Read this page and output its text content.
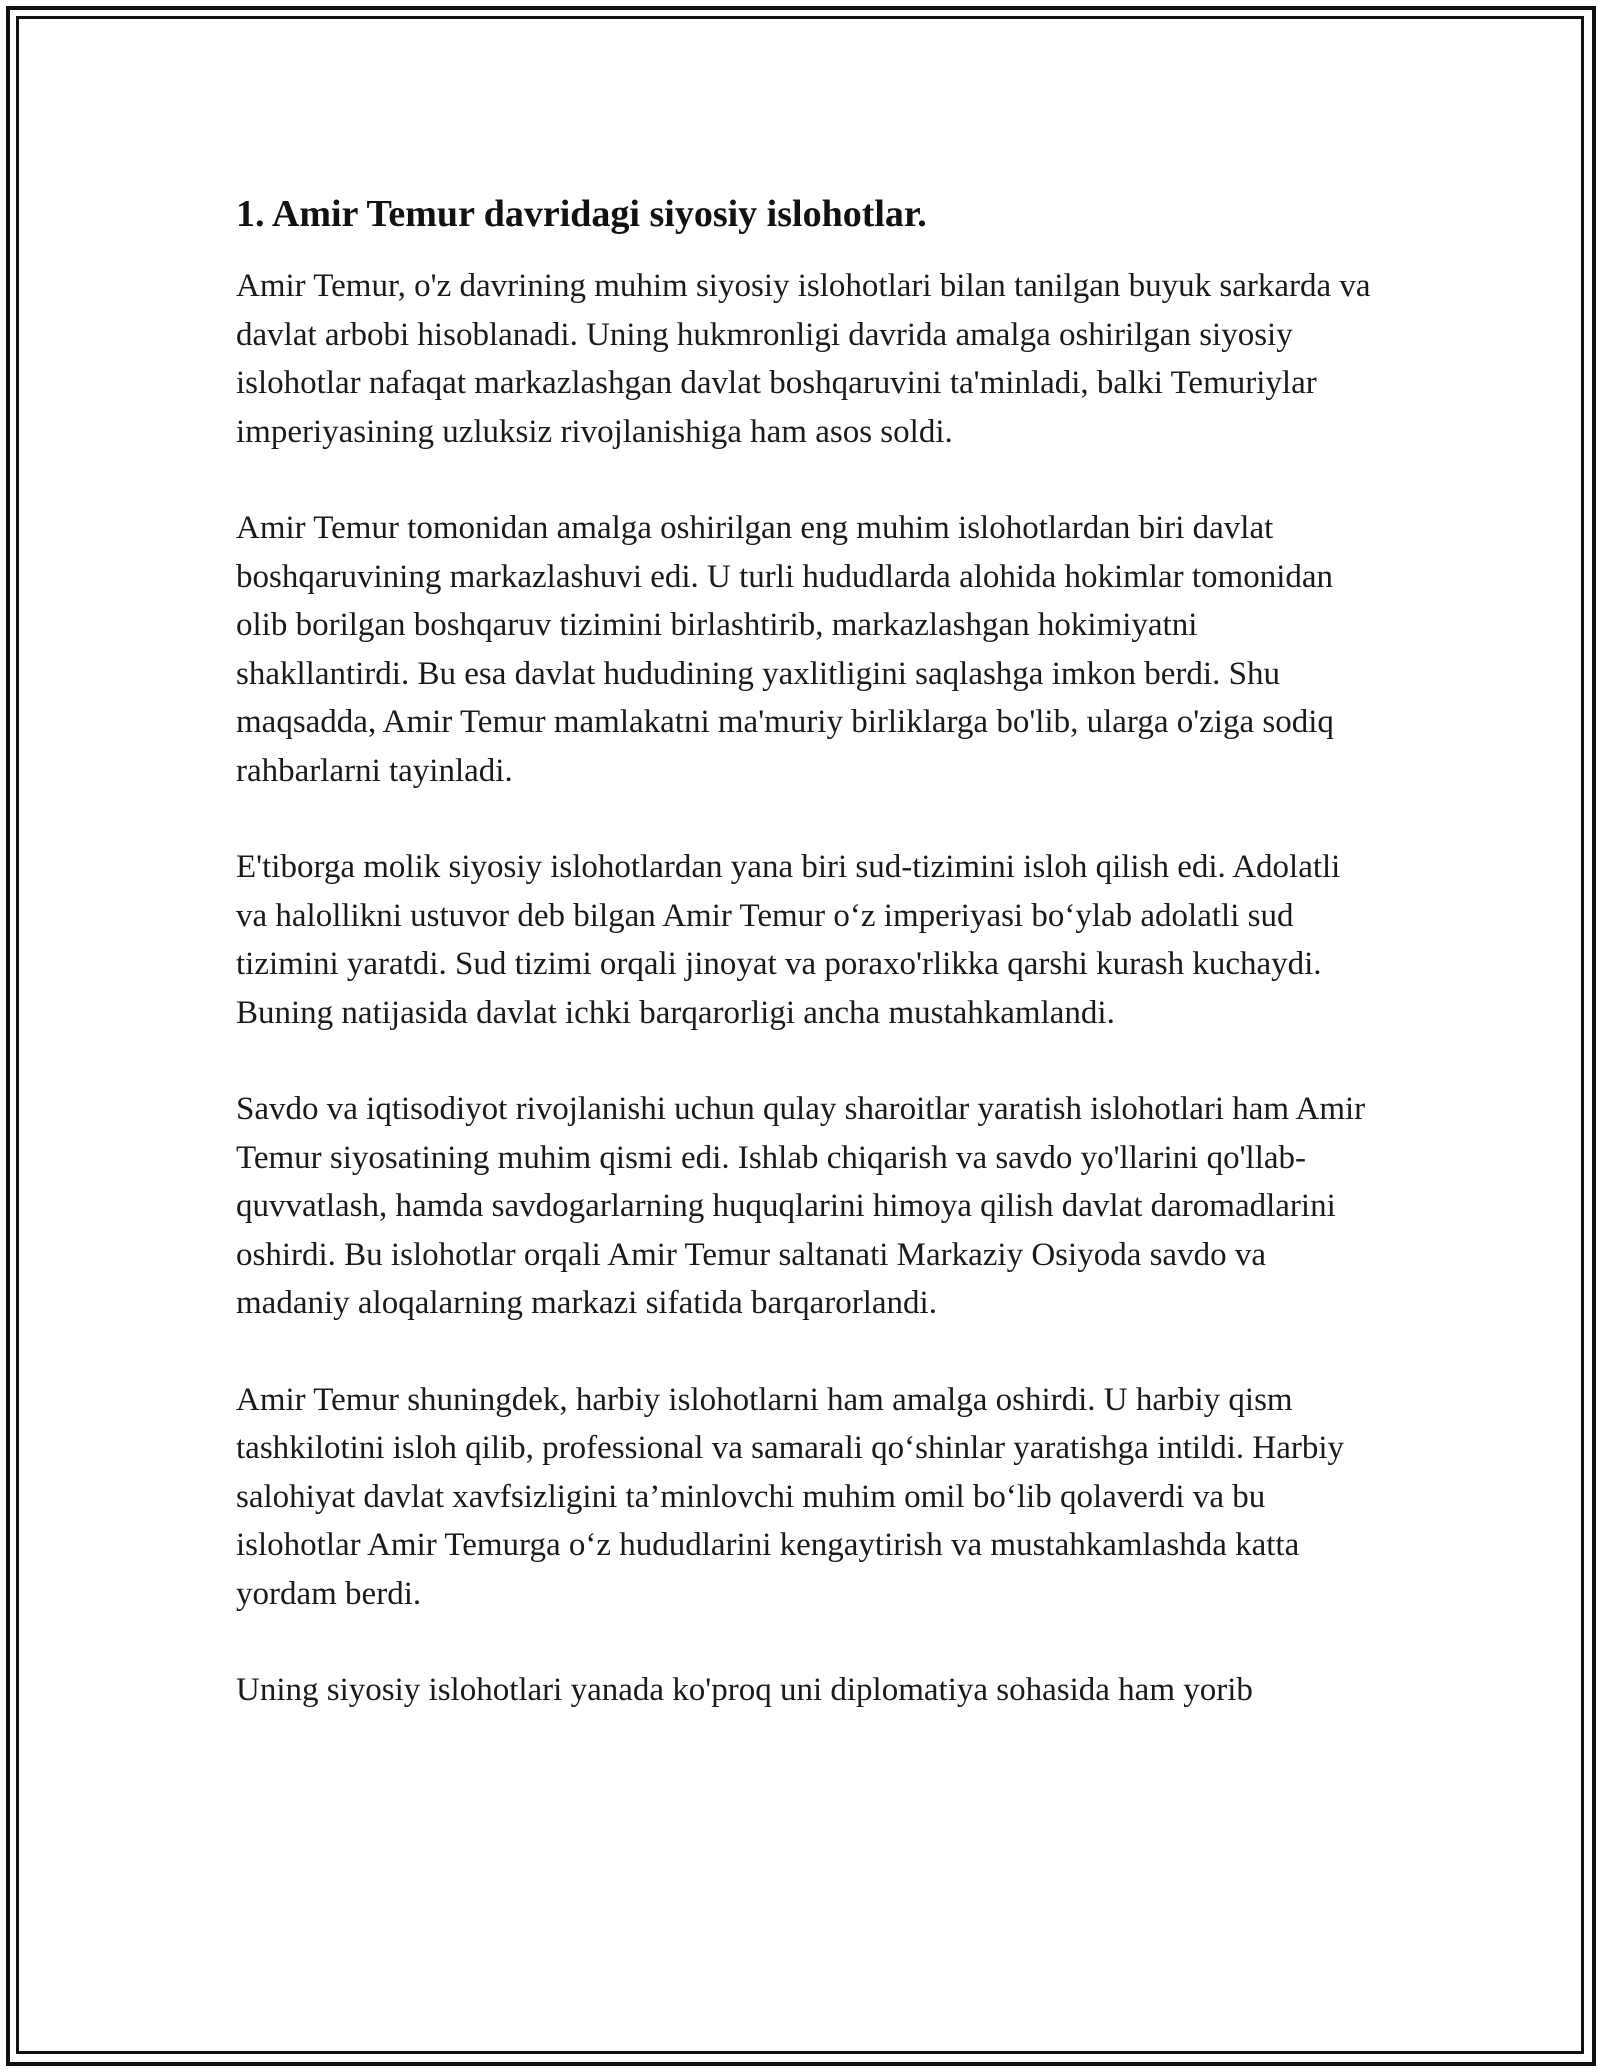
1. Amir Temur davridagi siyosiy islohotlar.

Amir Temur, o'z davrining muhim siyosiy islohotlari bilan tanilgan buyuk sarkarda va davlat arbobi hisoblanadi. Uning hukmronligi davrida amalga oshirilgan siyosiy islohotlar nafaqat markazlashgan davlat boshqaruvini ta'minladi, balki Temuriylar imperiyasining uzluksiz rivojlanishiga ham asos soldi.

Amir Temur tomonidan amalga oshirilgan eng muhim islohotlardan biri davlat boshqaruvining markazlashuvi edi. U turli hududlarda alohida hokimlar tomonidan olib borilgan boshqaruv tizimini birlashtirib, markazlashgan hokimiyatni shakllantirdi. Bu esa davlat hududining yaxlitligini saqlashga imkon berdi. Shu maqsadda, Amir Temur mamlakatni ma'muriy birliklarga bo'lib, ularga o'ziga sodiq rahbarlarni tayinladi.

E'tiborga molik siyosiy islohotlardan yana biri sud-tizimini isloh qilish edi. Adolatli va halollikni ustuvor deb bilgan Amir Temur o‘z imperiyasi bo‘ylab adolatli sud tizimini yaratdi. Sud tizimi orqali jinoyat va poraxo'rlikka qarshi kurash kuchaydi. Buning natijasida davlat ichki barqarorligi ancha mustahkamlandi.

Savdo va iqtisodiyot rivojlanishi uchun qulay sharoitlar yaratish islohotlari ham Amir Temur siyosatining muhim qismi edi. Ishlab chiqarish va savdo yo'llarini qo'llab-quvvatlash, hamda savdogarlarning huquqlarini himoya qilish davlat daromadlarini oshirdi. Bu islohotlar orqali Amir Temur saltanati Markaziy Osiyoda savdo va madaniy aloqalarning markazi sifatida barqarorlandi.

Amir Temur shuningdek, harbiy islohotlarni ham amalga oshirdi. U harbiy qism tashkilotini isloh qilib, professional va samarali qo‘shinlar yaratishga intildi. Harbiy salohiyat davlat xavfsizligini ta’minlovchi muhim omil bo‘lib qolaverdi va bu islohotlar Amir Temurga o‘z hududlarini kengaytirish va mustahkamlashda katta yordam berdi.

Uning siyosiy islohotlari yanada ko'proq uni diplomatiya sohasida ham yorib
